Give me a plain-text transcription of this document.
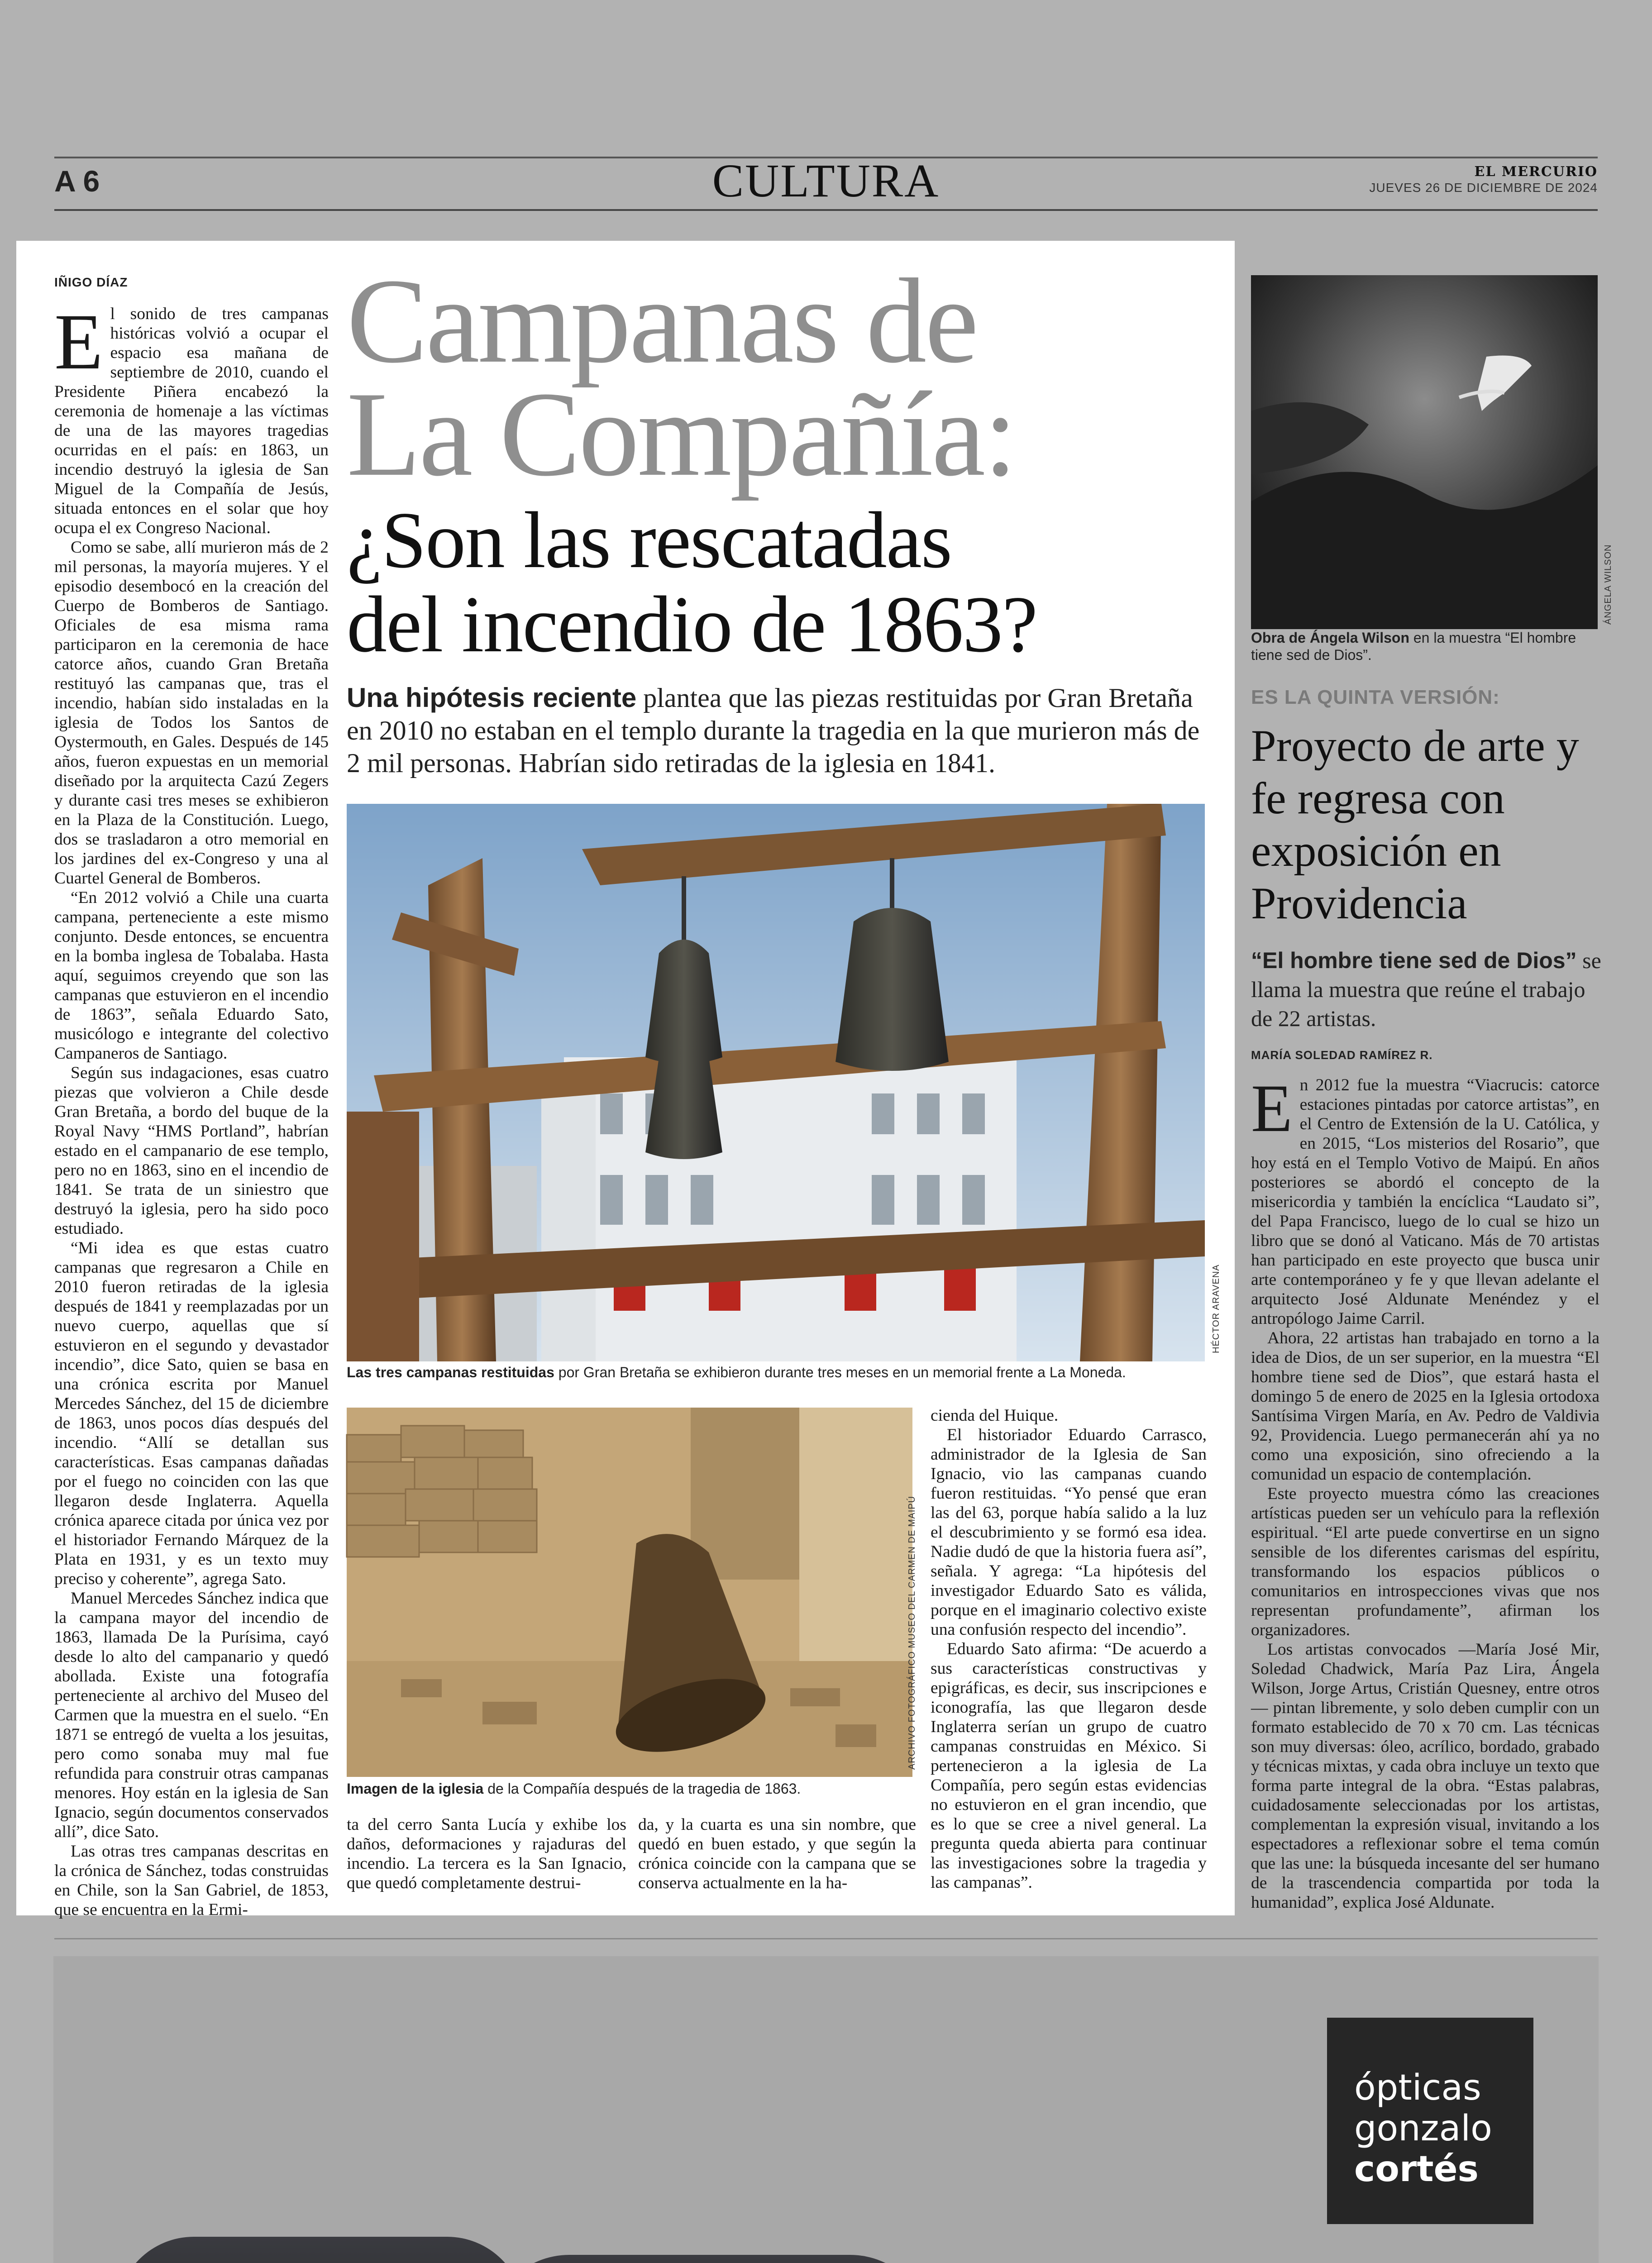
A 6	CULTURA	EL MERCURIO
JUEVES 26 DE DICIEMBRE DE 2024
IÑIGO DÍAZ

El sonido de tres campanas históricas volvió a ocupar el espacio esa mañana de septiembre de 2010, cuando el Presidente Piñera encabezó la ceremonia de homenaje a las víctimas de una de las mayores tragedias ocurridas en el país: en 1863, un incendio destruyó la iglesia de San Miguel de la Compañía de Jesús, situada entonces en el solar que hoy ocupa el ex Congreso Nacional.

Como se sabe, allí murieron más de 2 mil personas, la mayoría mujeres. Y el episodio desembocó en la creación del Cuerpo de Bomberos de Santiago. Oficiales de esa misma rama participaron en la ceremonia de hace catorce años, cuando Gran Bretaña restituyó las campanas que, tras el incendio, habían sido instaladas en la iglesia de Todos los Santos de Oystermouth, en Gales. Después de 145 años, fueron expuestas en un memorial diseñado por la arquitecta Cazú Zegers y durante casi tres meses se exhibieron en la Plaza de la Constitución. Luego, dos se trasladaron a otro memorial en los jardines del ex-Congreso y una al Cuartel General de Bomberos.

“En 2012 volvió a Chile una cuarta campana, perteneciente a este mismo conjunto. Desde entonces, se encuentra en la bomba inglesa de Tobalaba. Hasta aquí, seguimos creyendo que son las campanas que estuvieron en el incendio de 1863”, señala Eduardo Sato, musicólogo e integrante del colectivo Campaneros de Santiago.

Según sus indagaciones, esas cuatro piezas que volvieron a Chile desde Gran Bretaña, a bordo del buque de la Royal Navy “HMS Portland”, habrían estado en el campanario de ese templo, pero no en 1863, sino en el incendio de 1841. Se trata de un siniestro que destruyó la iglesia, pero ha sido poco estudiado.

“Mi idea es que estas cuatro campanas que regresaron a Chile en 2010 fueron retiradas de la iglesia después de 1841 y reemplazadas por un nuevo cuerpo, aquellas que sí estuvieron en el segundo y devastador incendio”, dice Sato, quien se basa en una crónica escrita por Manuel Mercedes Sánchez, del 15 de diciembre de 1863, unos pocos días después del incendio. “Allí se detallan sus características. Esas campanas dañadas por el fuego no coinciden con las que llegaron desde Inglaterra. Aquella crónica aparece citada por única vez por el historiador Fernando Márquez de la Plata en 1931, y es un texto muy preciso y coherente”, agrega Sato.

Manuel Mercedes Sánchez indica que la campana mayor del incendio de 1863, llamada De la Purísima, cayó desde lo alto del campanario y quedó abollada. Existe una fotografía perteneciente al archivo del Museo del Carmen que la muestra en el suelo. “En 1871 se entregó de vuelta a los jesuitas, pero como sonaba muy mal fue refundida para construir otras campanas menores. Hoy están en la iglesia de San Ignacio, según documentos conservados allí”, dice Sato.

Las otras tres campanas descritas en la crónica de Sánchez, todas construidas en Chile, son la San Gabriel, de 1853, que se encuentra en la Ermi-

Campanas de
La Compañía:
¿Son las rescatadas
del incendio de 1863?
Una hipótesis reciente plantea que las piezas restituidas por Gran Bretaña en 2010 no estaban en el templo durante la tragedia en la que murieron más de 2 mil personas. Habrían sido retiradas de la iglesia en 1841.
HÉCTOR ARAVENA
Las tres campanas restituidas por Gran Bretaña se exhibieron durante tres meses en un memorial frente a La Moneda.
ARCHIVO FOTOGRÁFICO MUSEO DEL CARMEN DE MAIPÚ
Imagen de la iglesia de la Compañía después de la tragedia de 1863.

ta del cerro Santa Lucía y exhibe los daños, deformaciones y rajaduras del incendio. La tercera es la San Ignacio, que quedó completamente destrui-

da, y la cuarta es una sin nombre, que quedó en buen estado, y que según la crónica coincide con la campana que se conserva actualmente en la ha-

cienda del Huique.

El historiador Eduardo Carrasco, administrador de la Iglesia de San Ignacio, vio las campanas cuando fueron restituidas. “Yo pensé que eran las del 63, porque había salido a la luz el descubrimiento y se formó esa idea. Nadie dudó de que la historia fuera así”, señala. Y agrega: “La hipótesis del investigador Eduardo Sato es válida, porque en el imaginario colectivo existe una confusión respecto del incendio”.

Eduardo Sato afirma: “De acuerdo a sus características constructivas y epigráficas, es decir, sus inscripciones e iconografía, las que llegaron desde Inglaterra serían un grupo de cuatro campanas construidas en México. Si pertenecieron a la iglesia de La Compañía, pero según estas evidencias no estuvieron en el gran incendio, que es lo que se cree a nivel general. La pregunta queda abierta para continuar las investigaciones sobre la tragedia y las campanas”.

ÁNGELA WILSON
Obra de Ángela Wilson en la muestra “El hombre tiene sed de Dios”.
ES LA QUINTA VERSIÓN:
Proyecto de arte y fe regresa con exposición en Providencia
“El hombre tiene sed de Dios” se llama la muestra que reúne el trabajo de 22 artistas.
MARÍA SOLEDAD RAMÍREZ R.

En 2012 fue la muestra “Viacrucis: catorce estaciones pintadas por catorce artistas”, en el Centro de Extensión de la U. Católica, y en 2015, “Los misterios del Rosario”, que hoy está en el Templo Votivo de Maipú. En años posteriores se abordó el concepto de la misericordia y también la encíclica “Laudato si”, del Papa Francisco, luego de lo cual se hizo un libro que se donó al Vaticano. Más de 70 artistas han participado en este proyecto que busca unir arte contemporáneo y fe y que llevan adelante el arquitecto José Aldunate Menéndez y el antropólogo Jaime Carril.

Ahora, 22 artistas han trabajado en torno a la idea de Dios, de un ser superior, en la muestra “El hombre tiene sed de Dios”, que estará hasta el domingo 5 de enero de 2025 en la Iglesia ortodoxa Santísima Virgen María, en Av. Pedro de Valdivia 92, Providencia. Luego permanecerán ahí ya no como una exposición, sino ofreciendo a la comunidad un espacio de contemplación.

Este proyecto muestra cómo las creaciones artísticas pueden ser un vehículo para la reflexión espiritual. “El arte puede convertirse en un signo sensible de los diferentes carismas del espíritu, transformando los espacios públicos o comunitarios en introspecciones vivas que nos representan profundamente”, afirman los organizadores.

Los artistas convocados —María José Mir, Soledad Chadwick, María Paz Lira, Ángela Wilson, Jorge Artus, Cristián Quesney, entre otros— pintan libremente, y solo deben cumplir con un formato establecido de 70 x 70 cm. Las técnicas son muy diversas: óleo, acrílico, bordado, grabado y técnicas mixtas, y cada obra incluye un texto que forma parte integral de la obra. “Estas palabras, cuidadosamente seleccionadas por los artistas, complementan la expresión visual, invitando a los espectadores a reflexionar sobre el tema común que las une: la búsqueda incesante del ser humano de la trascendencia compartida por toda la humanidad”, explica José Aldunate.

ópticas
gonzalo
cortés
